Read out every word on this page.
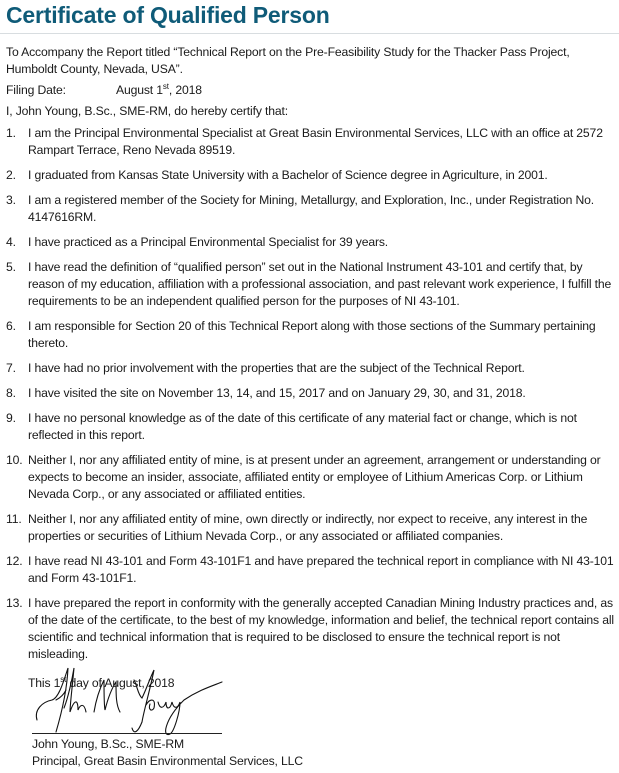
Certificate of Qualified Person

To Accompany the Report titled “Technical Report on the Pre-Feasibility Study for the Thacker Pass Project, Humboldt County, Nevada, USA”.

Filing Date:	August 1st, 2018

I, John Young, B.Sc., SME-RM, do hereby certify that:

1. I am the Principal Environmental Specialist at Great Basin Environmental Services, LLC with an office at 2572 Rampart Terrace, Reno Nevada 89519.
2. I graduated from Kansas State University with a Bachelor of Science degree in Agriculture, in 2001.
3. I am a registered member of the Society for Mining, Metallurgy, and Exploration, Inc., under Registration No. 4147616RM.
4. I have practiced as a Principal Environmental Specialist for 39 years.
5. I have read the definition of “qualified person” set out in the National Instrument 43-101 and certify that, by reason of my education, affiliation with a professional association, and past relevant work experience, I fulfill the requirements to be an independent qualified person for the purposes of NI 43-101.
6. I am responsible for Section 20 of this Technical Report along with those sections of the Summary pertaining thereto.
7. I have had no prior involvement with the properties that are the subject of the Technical Report.
8. I have visited the site on November 13, 14, and 15, 2017 and on January 29, 30, and 31, 2018.
9. I have no personal knowledge as of the date of this certificate of any material fact or change, which is not reflected in this report.
10. Neither I, nor any affiliated entity of mine, is at present under an agreement, arrangement or understanding or expects to become an insider, associate, affiliated entity or employee of Lithium Americas Corp. or Lithium Nevada Corp., or any associated or affiliated entities.
11. Neither I, nor any affiliated entity of mine, own directly or indirectly, nor expect to receive, any interest in the properties or securities of Lithium Nevada Corp., or any associated or affiliated companies.
12. I have read NI 43-101 and Form 43-101F1 and have prepared the technical report in compliance with NI 43-101 and Form 43-101F1.
13. I have prepared the report in conformity with the generally accepted Canadian Mining Industry practices and, as of the date of the certificate, to the best of my knowledge, information and belief, the technical report contains all scientific and technical information that is required to be disclosed to ensure the technical report is not misleading.

This 1st day of August, 2018

John Young, B.Sc., SME-RM
Principal, Great Basin Environmental Services, LLC
